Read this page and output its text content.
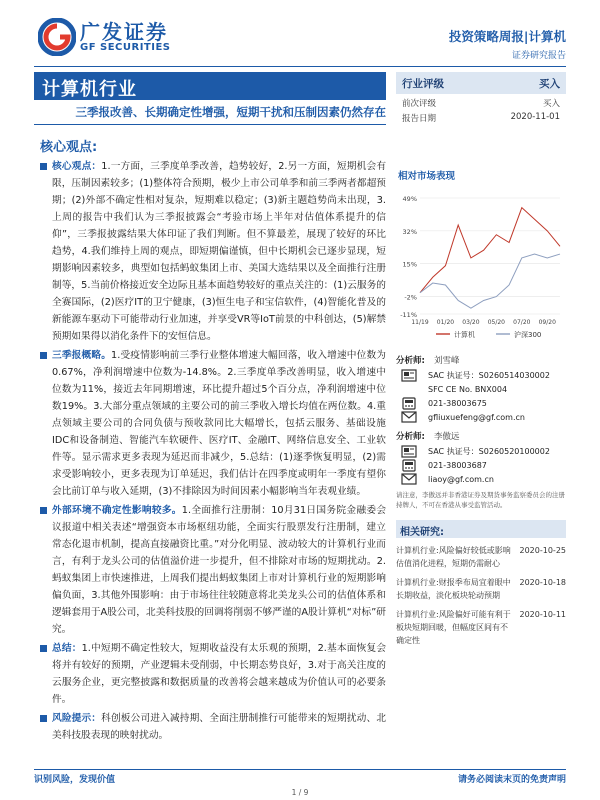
广发证券
GF SECURITIES
投资策略周报|计算机
证券研究报告
计算机行业
三季报改善、长期确定性增强，短期干扰和压制因素仍然存在
行业评级	买入
前次评级	买入
报告日期	2020-11-01
相对市场表现
49%
32%
15%
-2%
-11%
11/19 01/20 03/20 05/20 07/20 09/20
计算机	沪深300
分析师:	刘雪峰
SAC 执证号：S0260514030002
SFC CE No. BNX004
021-38003675
gfliuxuefeng@gf.com.cn
分析师:	李傲远
SAC 执证号：S0260520100002
021-38003687
liaoy@gf.com.cn
请注意，李傲远并非香港证券及期货事务监察委员会的注册持牌人，不可在香港从事受监管活动。
相关研究:
计算机行业:风险偏好较低或影响估值消化进程，短期仍需耐心
2020-10-25
计算机行业:财报季布局宜着眼中长期收益，淡化板块轮动预期
2020-10-18
计算机行业:风险偏好可能有利于板块短期回暖，但幅度区间有不确定性
2020-10-11
核心观点:
核心观点：1.一方面，三季度单季改善，趋势较好，2.另一方面，短期机会有限，压制因素较多；(1)整体符合预期，极少上市公司单季和前三季两者都超预期；(2)外部不确定性相对复杂，短期难以稳定；(3)新主题趋势尚未出现，3.上周的报告中我们认为三季报披露会“考验市场上半年对估值体系提升的信仰”，三季报披露结果大体印证了我们判断。但不算最差，展现了较好的环比趋势，4.我们维持上周的观点，即短期偏谨慎，但中长期机会已逐步显现，短期影响因素较多，典型如包括蚂蚁集团上市、美国大选结果以及全面推行注册制等，5.当前价格接近安全边际且基本面趋势较好的重点关注的：(1)云服务的全赛国际，(2)医疗IT的卫宁健康，(3)恒生电子和宝信软件，(4)智能化普及的新能源车驱动下可能带动行业加速，并享受VR等IoT前景的中科创达，(5)解禁预期如果得以消化条件下的安恒信息。
三季报概略。1.受疫情影响前三季行业整体增速大幅回落，收入增速中位数为0.67%，净利润增速中位数为-14.8%。2.三季度单季改善明显，收入增速中位数为11%，接近去年同期增速，环比提升超过5个百分点，净利润增速中位数19%。3.大部分重点领域的主要公司的前三季收入增长均值在两位数。4.重点领域主要公司的合同负债与预收款同比大幅增长，包括云服务、基础设施IDC和设备制造、智能汽车软硬件、医疗IT、金融IT、网络信息安全、工业软件等。显示需求更多表现为延迟而非减少，5.总结：(1)逐季恢复明显，(2)需求受影响较小，更多表现为订单延迟，我们估计在四季度或明年一季度有望你会比前订单与收入延期，(3)不排除因为时间因素小幅影响当年表观业绩。
外部环境不确定性影响较多。1.全面推行注册制：10月31日国务院金融委会议报道中相关表述“增强资本市场枢纽功能，全面实行股票发行注册制，建立常态化退市机制，提高直接融资比重。”对分化明显、波动较大的计算机行业而言，有利于龙头公司的估值溢价进一步提升，但不排除对市场的短期扰动。2.蚂蚁集团上市快速推进，上周我们提出蚂蚁集团上市对计算机行业的短期影响偏负面，3.其他外围影响：由于市场往往较随意将北美龙头公司的估值体系和逻辑套用于A股公司，北美科技股的回调将削弱不够严谨的A股计算机“对标”研究。
总结：1.中短期不确定性较大，短期收益没有太乐观的预期，2.基本面恢复会将并有较好的预期，产业逻辑未受削弱，中长期态势良好，3.对于高关注度的云服务企业，更完整披露和数据质量的改善将会越来越成为价值认可的必要条件。
风险提示：科创板公司进入减持期、全面注册制推行可能带来的短期扰动、北美科技股表现的映射扰动。
识别风险，发现价值	请务必阅读末页的免责声明
1 / 9
